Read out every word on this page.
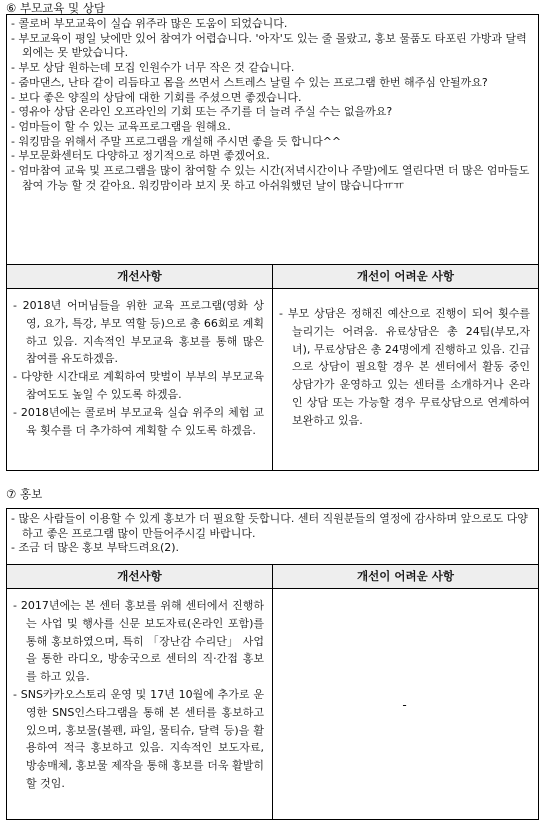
⑥ 부모교육 및 상담
- 콜로버 부모교육이 실습 위주라 많은 도움이 되었습니다.
- 부모교육이 평일 낮에만 있어 참여가 어렵습니다. '아자'도 있는 줄 몰랐고, 홍보 물품도 타포린 가방과 달력 외에는 못 받았습니다.
- 부모 상담 원하는데 모집 인원수가 너무 작은 것 같습니다.
- 줌마댄스, 난타 같이 리듬타고 몸을 쓰면서 스트레스 날릴 수 있는 프로그램 한번 해주심 안될까요?
- 보다 좋은 양질의 상담에 대한 기회를 주셨으면 좋겠습니다.
- 영유아 상담 온라인 오프라인의 기회 또는 주기를 더 늘려 주실 수는 없을까요?
- 엄마들이 할 수 있는 교육프로그램을 원해요.
- 워킹맘을 위해서 주말 프로그램을 개설해 주시면 좋을 듯 합니다^^
- 부모문화센터도 다양하고 정기적으로 하면 좋겠어요.
- 엄마참여 교육 및 프로그램을 많이 참여할 수 있는 시간(저녁시간이나 주말)에도 열린다면 더 많은 엄마들도 참여 가능 할 것 같아요. 워킹맘이라 보지 못 하고 아쉬워했던 날이 많습니다ㅠㅠ
개선사항	개선이 어려운 사항
- 2018년 어머님들을 위한 교육 프로그램(영화 상영, 요가, 특강, 부모 역할 등)으로 총 66회로 계획하고 있음. 지속적인 부모교육 홍보를 통해 많은 참여를 유도하겠음.
- 다양한 시간대로 계획하여 맞벌이 부부의 부모교육 참여도도 높일 수 있도록 하겠음.
- 2018년에는 콜로버 부모교육 실습 위주의 체험 교육 횟수를 더 추가하여 계획할 수 있도록 하겠음.
- 부모 상담은 정해진 예산으로 진행이 되어 횟수를 늘리기는 어려움. 유료상담은 총 24팀(부모,자녀), 무료상담은 총 24명에게 진행하고 있음. 긴급으로 상담이 필요할 경우 본 센터에서 활동 중인 상담가가 운영하고 있는 센터를 소개하거나 온라인 상담 또는 가능할 경우 무료상담으로 연계하여 보완하고 있음.
⑦ 홍보
- 많은 사람들이 이용할 수 있게 홍보가 더 필요할 듯합니다. 센터 직원분들의 열정에 감사하며 앞으로도 다양하고 좋은 프로그램 많이 만들어주시길 바랍니다.
- 조금 더 많은 홍보 부탁드려요(2).
개선사항	개선이 어려운 사항
- 2017년에는 본 센터 홍보를 위해 센터에서 진행하는 사업 및 행사를 신문 보도자료(온라인 포함)를 통해 홍보하였으며, 특히 「장난감 수리단」 사업을 통한 라디오, 방송국으로 센터의 직·간접 홍보를 하고 있음.
- SNS카카오스토리 운영 및 17년 10월에 추가로 운영한 SNS인스타그램을 통해 본 센터를 홍보하고 있으며, 홍보물(볼펜, 파일, 물티슈, 달력 등)을 활용하여 적극 홍보하고 있음. 지속적인 보도자료, 방송매체, 홍보물 제작을 통해 홍보를 더욱 활발히 할 것임.
-
